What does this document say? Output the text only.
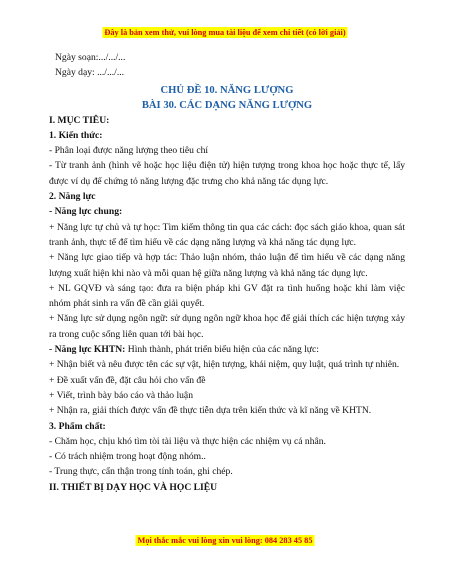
Đây là bản xem thử, vui lòng mua tài liệu để xem chi tiết (có lời giải)

Ngày soạn:.../.../...

Ngày dạy: .../.../...

CHỦ ĐỀ 10. NĂNG LƯỢNG

BÀI 30. CÁC DẠNG NĂNG LƯỢNG

I. MỤC TIÊU:

1. Kiến thức:

- Phân loại được năng lượng theo tiêu chí

- Từ tranh ảnh (hình vẽ hoặc học liệu điện tử) hiện tượng trong khoa học hoặc thực tế, lấy được ví dụ để chứng tỏ năng lượng đặc trưng cho khả năng tác dụng lực.

2. Năng lực

- Năng lực chung:

+ Năng lực tự chủ và tự học: Tìm kiếm thông tin qua các cách: đọc sách giáo khoa, quan sát tranh ảnh, thực tế để tìm hiểu về các dạng năng lượng và khả năng tác dụng lực.

+ Năng lực giao tiếp và hợp tác: Thảo luận nhóm, thảo luận để tìm hiểu về các dạng năng lượng xuất hiện khi nào và mỗi quan hệ giữa năng lượng và khả năng tác dụng lực.

+ NL GQVĐ và sáng tạo: đưa ra biện pháp khi GV đặt ra tình huống hoặc khi làm việc nhóm phát sinh ra vấn đề cần giải quyết.

+ Năng lực sử dụng ngôn ngữ: sử dụng ngôn ngữ khoa học để giải thích các hiện tượng xảy ra trong cuộc sống liên quan tới bài học.

- Năng lực KHTN: Hình thành, phát triển biểu hiện của các năng lực:

+ Nhận biết và nêu được tên các sự vật, hiện tượng, khái niệm, quy luật, quá trình tự nhiên.

+ Đề xuất vấn đề, đặt câu hỏi cho vấn đề

+ Viết, trình bày báo cáo và thảo luận

+ Nhận ra, giải thích được vấn đề thực tiễn dựa trên kiến thức và kĩ năng về KHTN.

3. Phẩm chất:

- Chăm học, chịu khó tìm tòi tài liệu và thực hiện các nhiệm vụ cá nhân.

- Có trách nhiệm trong hoạt động nhóm..

- Trung thực, cẩn thận trong tính toán, ghi chép.

II. THIẾT BỊ DẠY HỌC VÀ HỌC LIỆU

Mọi thắc mắc vui lòng xin vui lòng: 084 283 45 85
